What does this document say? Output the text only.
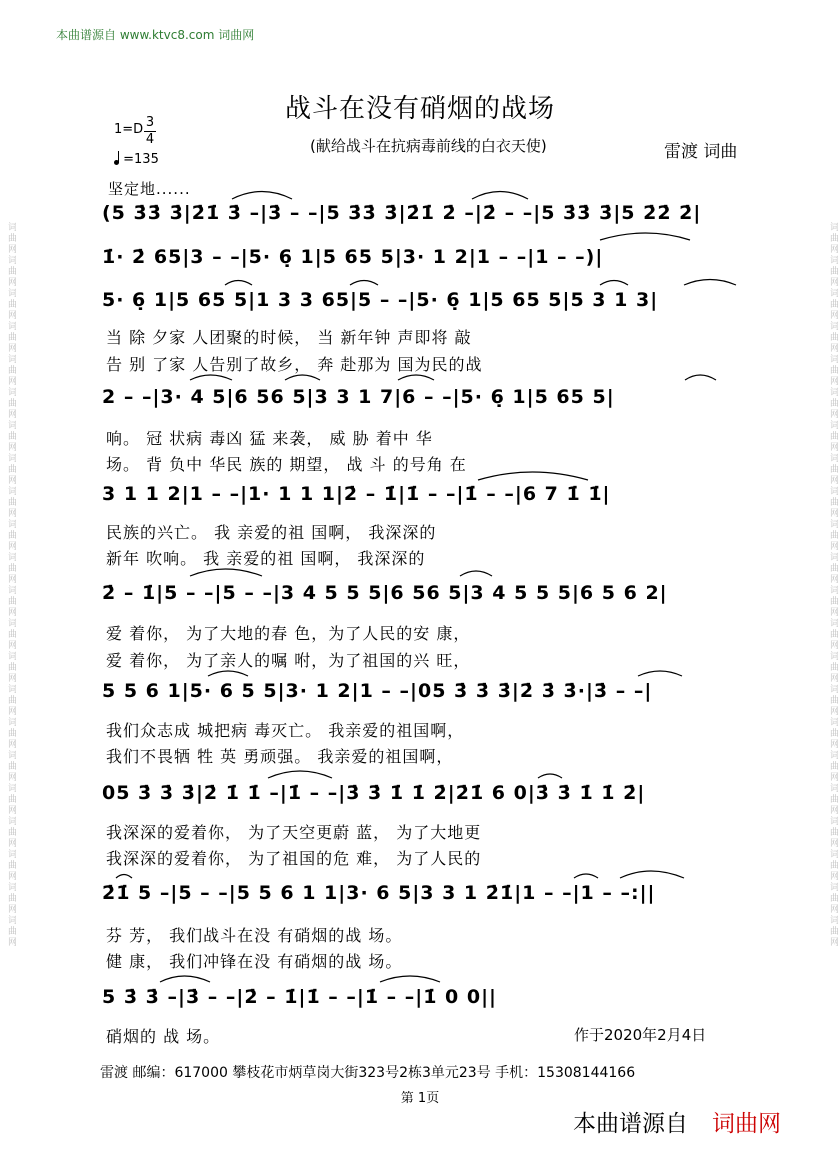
词曲网词曲网词曲网词曲网词曲网词曲网词曲网词曲网词曲网词曲网词曲网词曲网词曲网词曲网词曲网词曲网词曲网词曲网词曲网词曲网词曲网词曲网	词曲网词曲网词曲网词曲网词曲网词曲网词曲网词曲网词曲网词曲网词曲网词曲网词曲网词曲网词曲网词曲网词曲网词曲网词曲网词曲网词曲网词曲网
本曲谱源自 www.ktvc8.com 词曲网
战斗在没有硝烟的战场
(献给战斗在抗病毒前线的白衣天使)	雷渡 词曲
1=D 3
4
=135
坚定地......
(5 3̇3̇ 3̇|2̇1̇ 3̇ –|3̇ – –|5 3̇3̇ 3̇|2̇1̇ 2̇ –|2̇ – –|5 3̇3̇ 3̇|5 2̇2̇ 2̇|
1̇· 2̇ 65|3 – –|5· 6̣ 1|5 65 5|3· 1 2|1 – –|1 – –)|
5· 6̣ 1|5 65 5|1 3 3 65|5 – –|5· 6̣ 1|5 65 5|5 3 1 3|
当 除 夕家 人团聚的时候， 当 新年钟 声即将 敲
告 别 了家 人告别了故乡， 奔 赴那为 国为民的战
2 – –|3· 4 5|6 56 5|3 3 1 7|6 – –|5· 6̣ 1|5 65 5|
响。 冠 状病 毒凶 猛 来袭， 威 胁 着中 华
场。 背 负中 华民 族的 期望， 战 斗 的号角 在
3 1 1 2|1 – –|1· 1 1 1|2̇ – 1̇|1̇ – –|1̇ – –|6 7 1̇ 1̇|
民族的兴亡。 我 亲爱的祖 国啊， 我深深的
新年 吹响。 我 亲爱的祖 国啊， 我深深的
2̇ – 1̇|5 – –|5 – –|3 4 5 5 5|6 56 5|3 4 5 5 5|6 5 6 2|
爱 着你， 为了大地的春 色，为了人民的安 康，
爱 着你， 为了亲人的嘱 咐，为了祖国的兴 旺，
5 5 6 1|5· 6 5 5|3· 1 2|1 – –|05 3̇ 3̇ 3̇|2̇ 3̇ 3̇·|3̇ – –|
我们众志成 城把病 毒灭亡。 我亲爱的祖国啊，
我们不畏牺 牲 英 勇顽强。 我亲爱的祖国啊，
05 3̇ 3̇ 3̇|2̇ 1̇ 1̇ –|1̇ – –|3̇ 3̇ 1̇ 1̇ 2̇|2̇1̇ 6 0|3̇ 3̇ 1̇ 1̇ 2̇|
我深深的爱着你， 为了天空更蔚 蓝， 为了大地更
我深深的爱着你， 为了祖国的危 难， 为了人民的
2̇1̇ 5 –|5 – –|5 5 6 1 1|3· 6 5|3 3 1 2̇1̇|1 – –|1 – –:||
芬 芳， 我们战斗在没 有硝烟的战 场。
健 康， 我们冲锋在没 有硝烟的战 场。
5 3̇ 3̇ –|3̇ – –|2̇ – 1̇|1̇ – –|1̇ – –|1̇ 0 0||
硝烟的 战 场。	作于2020年2月4日
雷渡 邮编：617000 攀枝花市炳草岗大街323号2栋3单元23号 手机：15308144166
第 1页
本曲谱源自 词曲网
